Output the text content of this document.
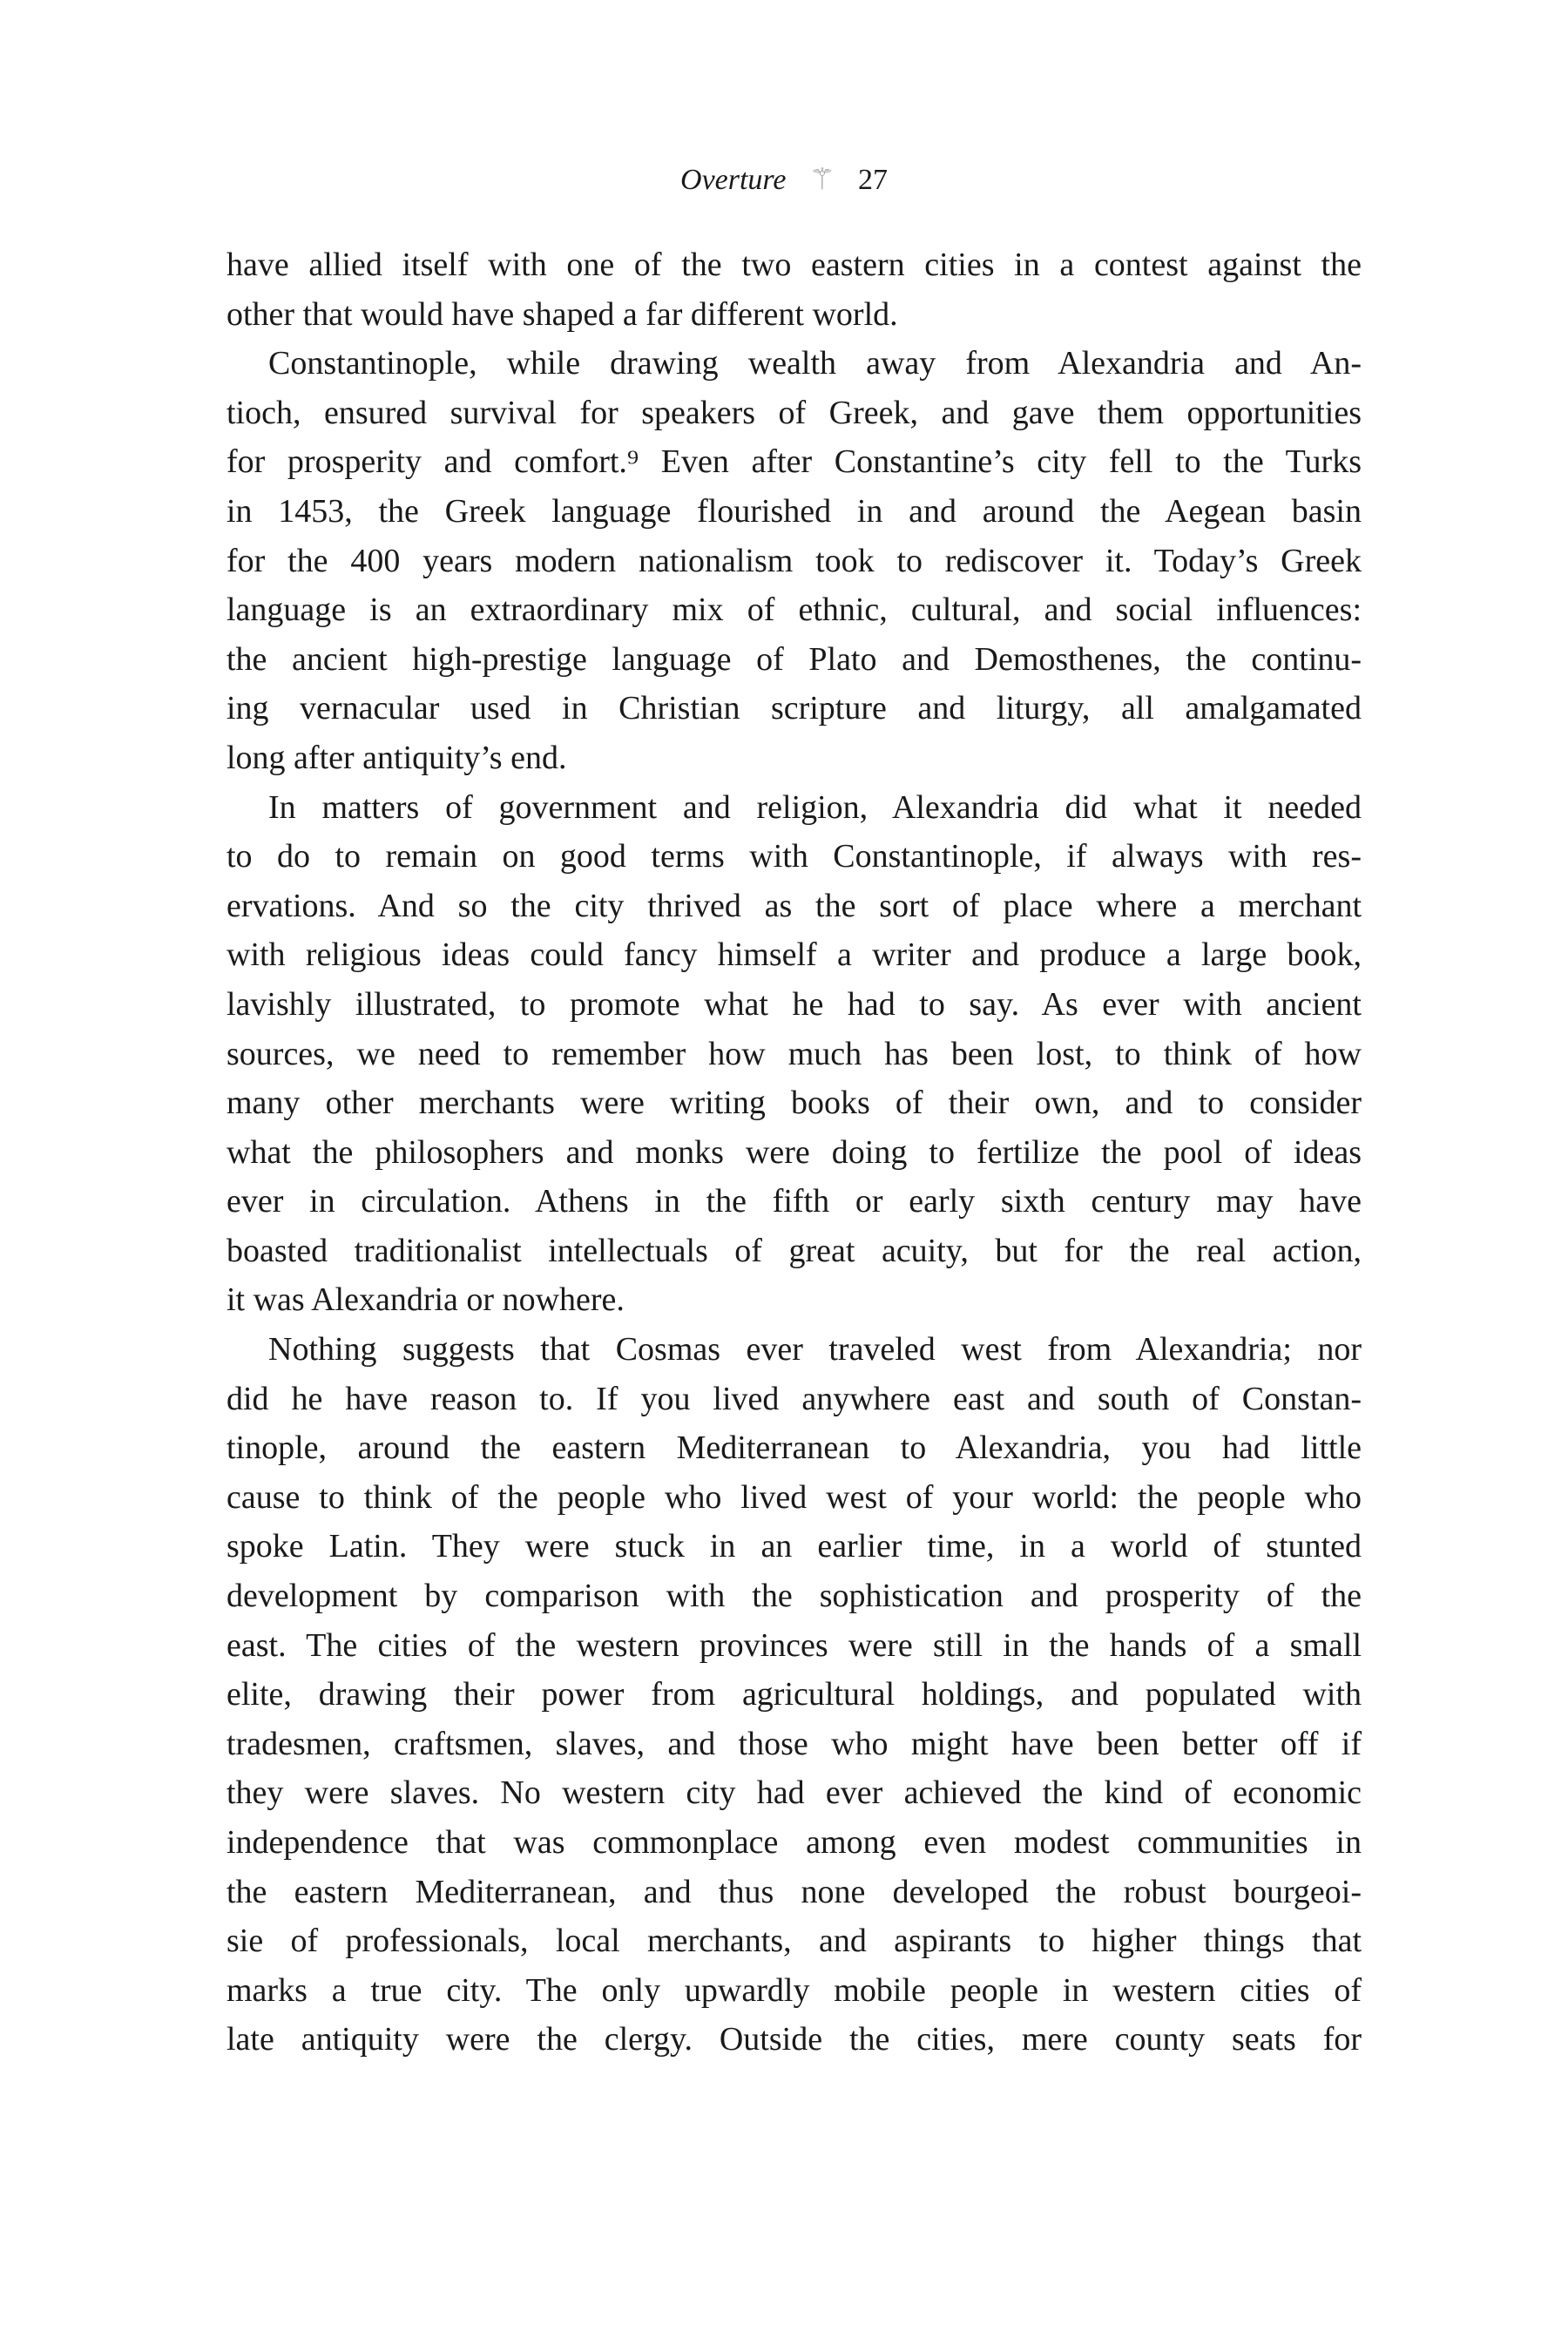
Overture ⚚ 27
have allied itself with one of the two eastern cities in a contest against the
other that would have shaped a far different world.
Constantinople, while drawing wealth away from Alexandria and An-
tioch, ensured survival for speakers of Greek, and gave them opportunities
for prosperity and comfort.⁹ Even after Constantine’s city fell to the Turks
in 1453, the Greek language flourished in and around the Aegean basin
for the 400 years modern nationalism took to rediscover it. Today’s Greek
language is an extraordinary mix of ethnic, cultural, and social influences:
the ancient high-prestige language of Plato and Demosthenes, the continu-
ing vernacular used in Christian scripture and liturgy, all amalgamated
long after antiquity’s end.
In matters of government and religion, Alexandria did what it needed
to do to remain on good terms with Constantinople, if always with res-
ervations. And so the city thrived as the sort of place where a merchant
with religious ideas could fancy himself a writer and produce a large book,
lavishly illustrated, to promote what he had to say. As ever with ancient
sources, we need to remember how much has been lost, to think of how
many other merchants were writing books of their own, and to consider
what the philosophers and monks were doing to fertilize the pool of ideas
ever in circulation. Athens in the fifth or early sixth century may have
boasted traditionalist intellectuals of great acuity, but for the real action,
it was Alexandria or nowhere.
Nothing suggests that Cosmas ever traveled west from Alexandria; nor
did he have reason to. If you lived anywhere east and south of Constan-
tinople, around the eastern Mediterranean to Alexandria, you had little
cause to think of the people who lived west of your world: the people who
spoke Latin. They were stuck in an earlier time, in a world of stunted
development by comparison with the sophistication and prosperity of the
east. The cities of the western provinces were still in the hands of a small
elite, drawing their power from agricultural holdings, and populated with
tradesmen, craftsmen, slaves, and those who might have been better off if
they were slaves. No western city had ever achieved the kind of economic
independence that was commonplace among even modest communities in
the eastern Mediterranean, and thus none developed the robust bourgeoi-
sie of professionals, local merchants, and aspirants to higher things that
marks a true city. The only upwardly mobile people in western cities of
late antiquity were the clergy. Outside the cities, mere county seats for
